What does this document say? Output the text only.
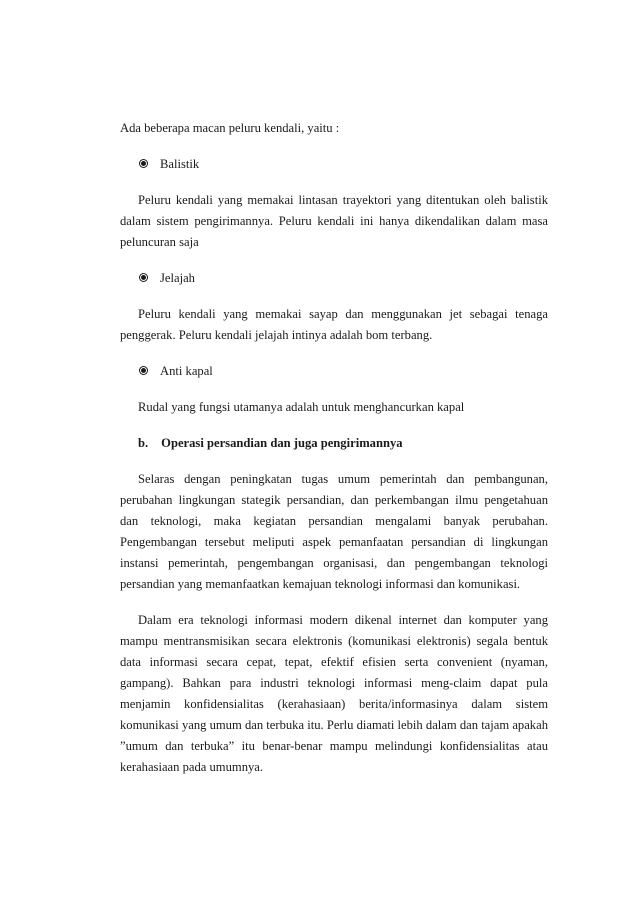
Ada beberapa macan peluru kendali, yaitu :

Balistik

Peluru kendali yang memakai lintasan trayektori yang ditentukan oleh balistik dalam sistem pengirimannya. Peluru kendali ini hanya dikendalikan dalam masa peluncuran saja

Jelajah

Peluru kendali yang memakai sayap dan menggunakan jet sebagai tenaga penggerak. Peluru kendali jelajah intinya adalah bom terbang.

Anti kapal

Rudal yang fungsi utamanya adalah untuk menghancurkan kapal

b. Operasi persandian dan juga pengirimannya

Selaras dengan peningkatan tugas umum pemerintah dan pembangunan, perubahan lingkungan stategik persandian, dan perkembangan ilmu pengetahuan dan teknologi, maka kegiatan persandian mengalami banyak perubahan. Pengembangan tersebut meliputi aspek pemanfaatan persandian di lingkungan instansi pemerintah, pengembangan organisasi, dan pengembangan teknologi persandian yang memanfaatkan kemajuan teknologi informasi dan komunikasi.

Dalam era teknologi informasi modern dikenal internet dan komputer yang mampu mentransmisikan secara elektronis (komunikasi elektronis) segala bentuk data informasi secara cepat, tepat, efektif efisien serta convenient (nyaman, gampang). Bahkan para industri teknologi informasi meng-claim dapat pula menjamin konfidensialitas (kerahasiaan) berita/informasinya dalam sistem komunikasi yang umum dan terbuka itu. Perlu diamati lebih dalam dan tajam apakah ”umum dan terbuka” itu benar-benar mampu melindungi konfidensialitas atau kerahasiaan pada umumnya.
